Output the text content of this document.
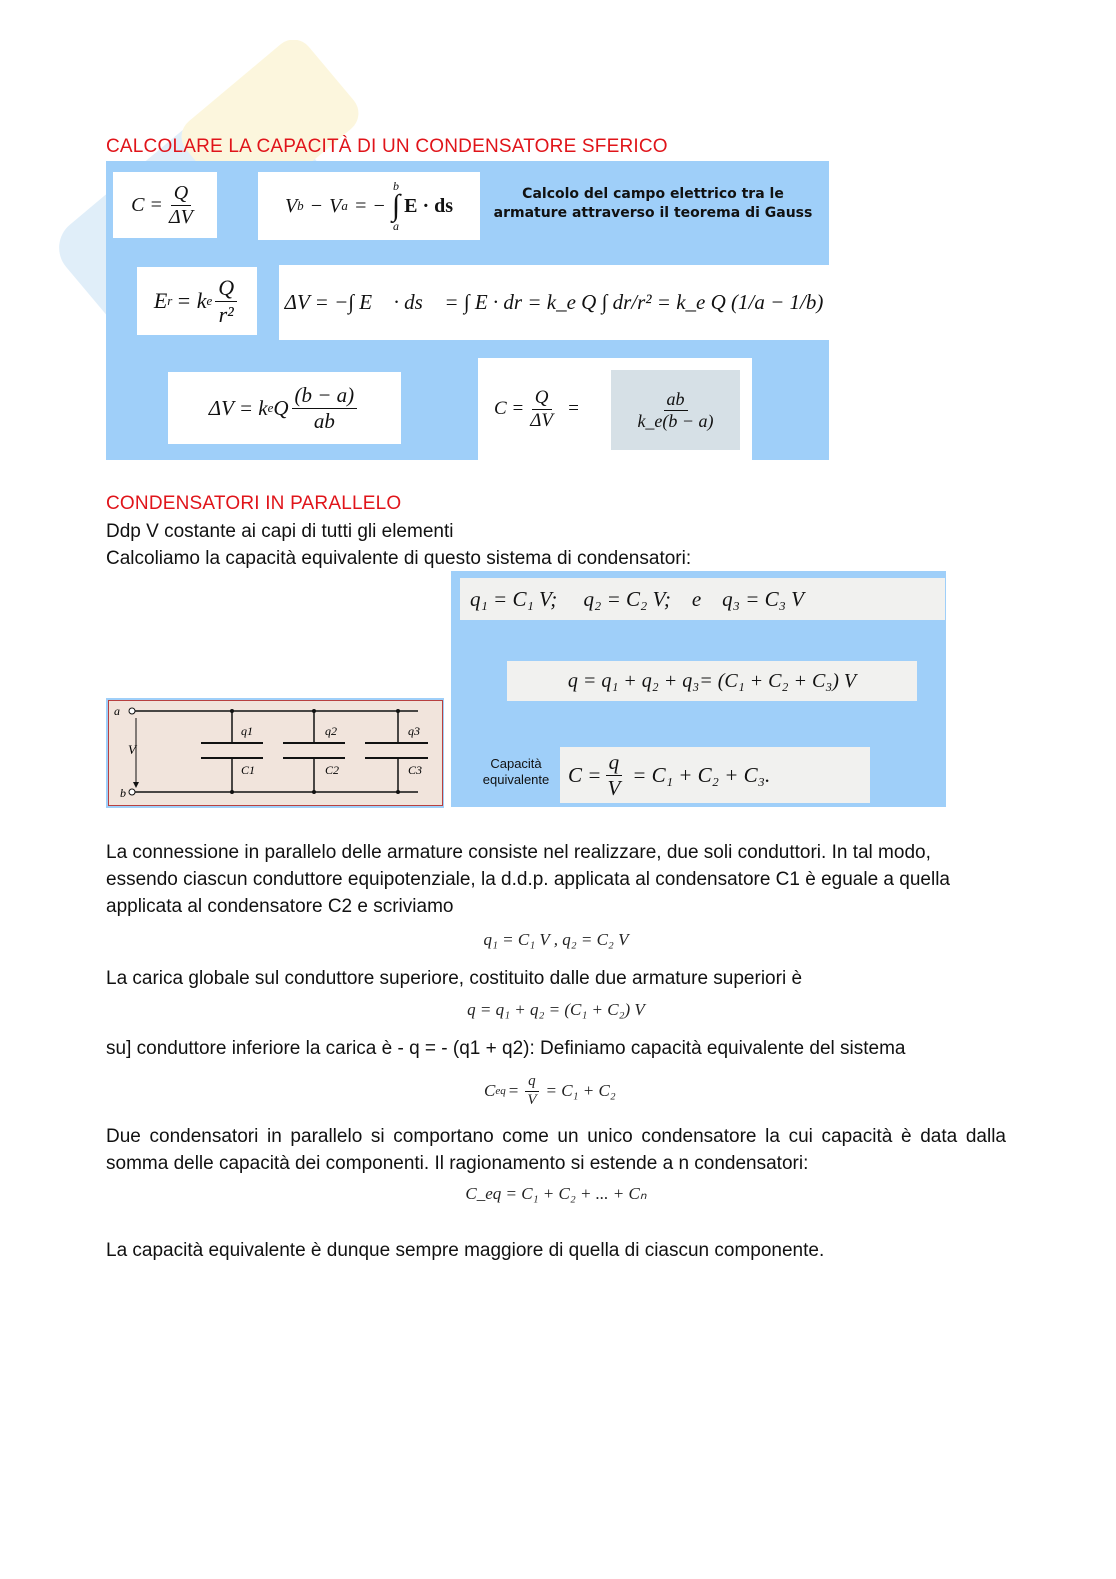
CALCOLARE LA CAPACITÀ DI UN CONDENSATORE SFERICO
$C = \frac{Q}{\Delta V}$	V b − V a = −
b
∫
a
E · ds
Calcolo del campo elettrico tra le armature attraverso il teorema di Gauss
E r = k e $\frac{Q}{\text{r²}}$ ΔV = −∫ E⃗ · ds⃗ = ∫ E · dr = k_e Q ∫ dr/r² = k_e Q (1/a − 1/b)
ΔV = k e Q $\frac{(b - a)}{ab}$	$C = \frac{Q}{\Delta V}$ =	$\frac{ab}{k\_e(b - a)}$
CONDENSATORI IN PARALLELO
Ddp V costante ai capi di tutti gli elementi
Calcoliamo la capacità equivalente di questo sistema di condensatori:
q₁ = C₁ V;     q₂ = C₂ V;    e    q₃ = C₃ V
q = q₁ + q₂ + q₃= (C₁ + C₂ + C₃) V
Capacità equivalente $C = \frac{q}{V} = C_1 + C_2 + C_3$.
a
b
V
q1
C1
q2
C2
q3
C3
La connessione in parallelo delle armature consiste nel realizzare, due soli conduttori. In tal modo, essendo ciascun conduttore equipotenziale, la d.d.p. applicata al condensatore C1 è eguale a quella applicata al condensatore C2 e scriviamo
q₁ = C₁ V , q₂ = C₂ V
La carica globale sul conduttore superiore, costituito dalle due armature superiori è
q = q₁ + q₂ = (C₁ + C₂) V
su] conduttore inferiore la carica è - q = - (q1 + q2): Definiamo capacità equivalente del sistema
C eq = $\frac{q}{V} = C_1 + C_2$
Due condensatori in parallelo si comportano come un unico condensatore la cui capacità è data dalla somma delle capacità dei componenti. Il ragionamento si estende a n condensatori:
C_eq = C₁ + C₂ + ... + Cₙ
La capacità equivalente è dunque sempre maggiore di quella di ciascun componente.
